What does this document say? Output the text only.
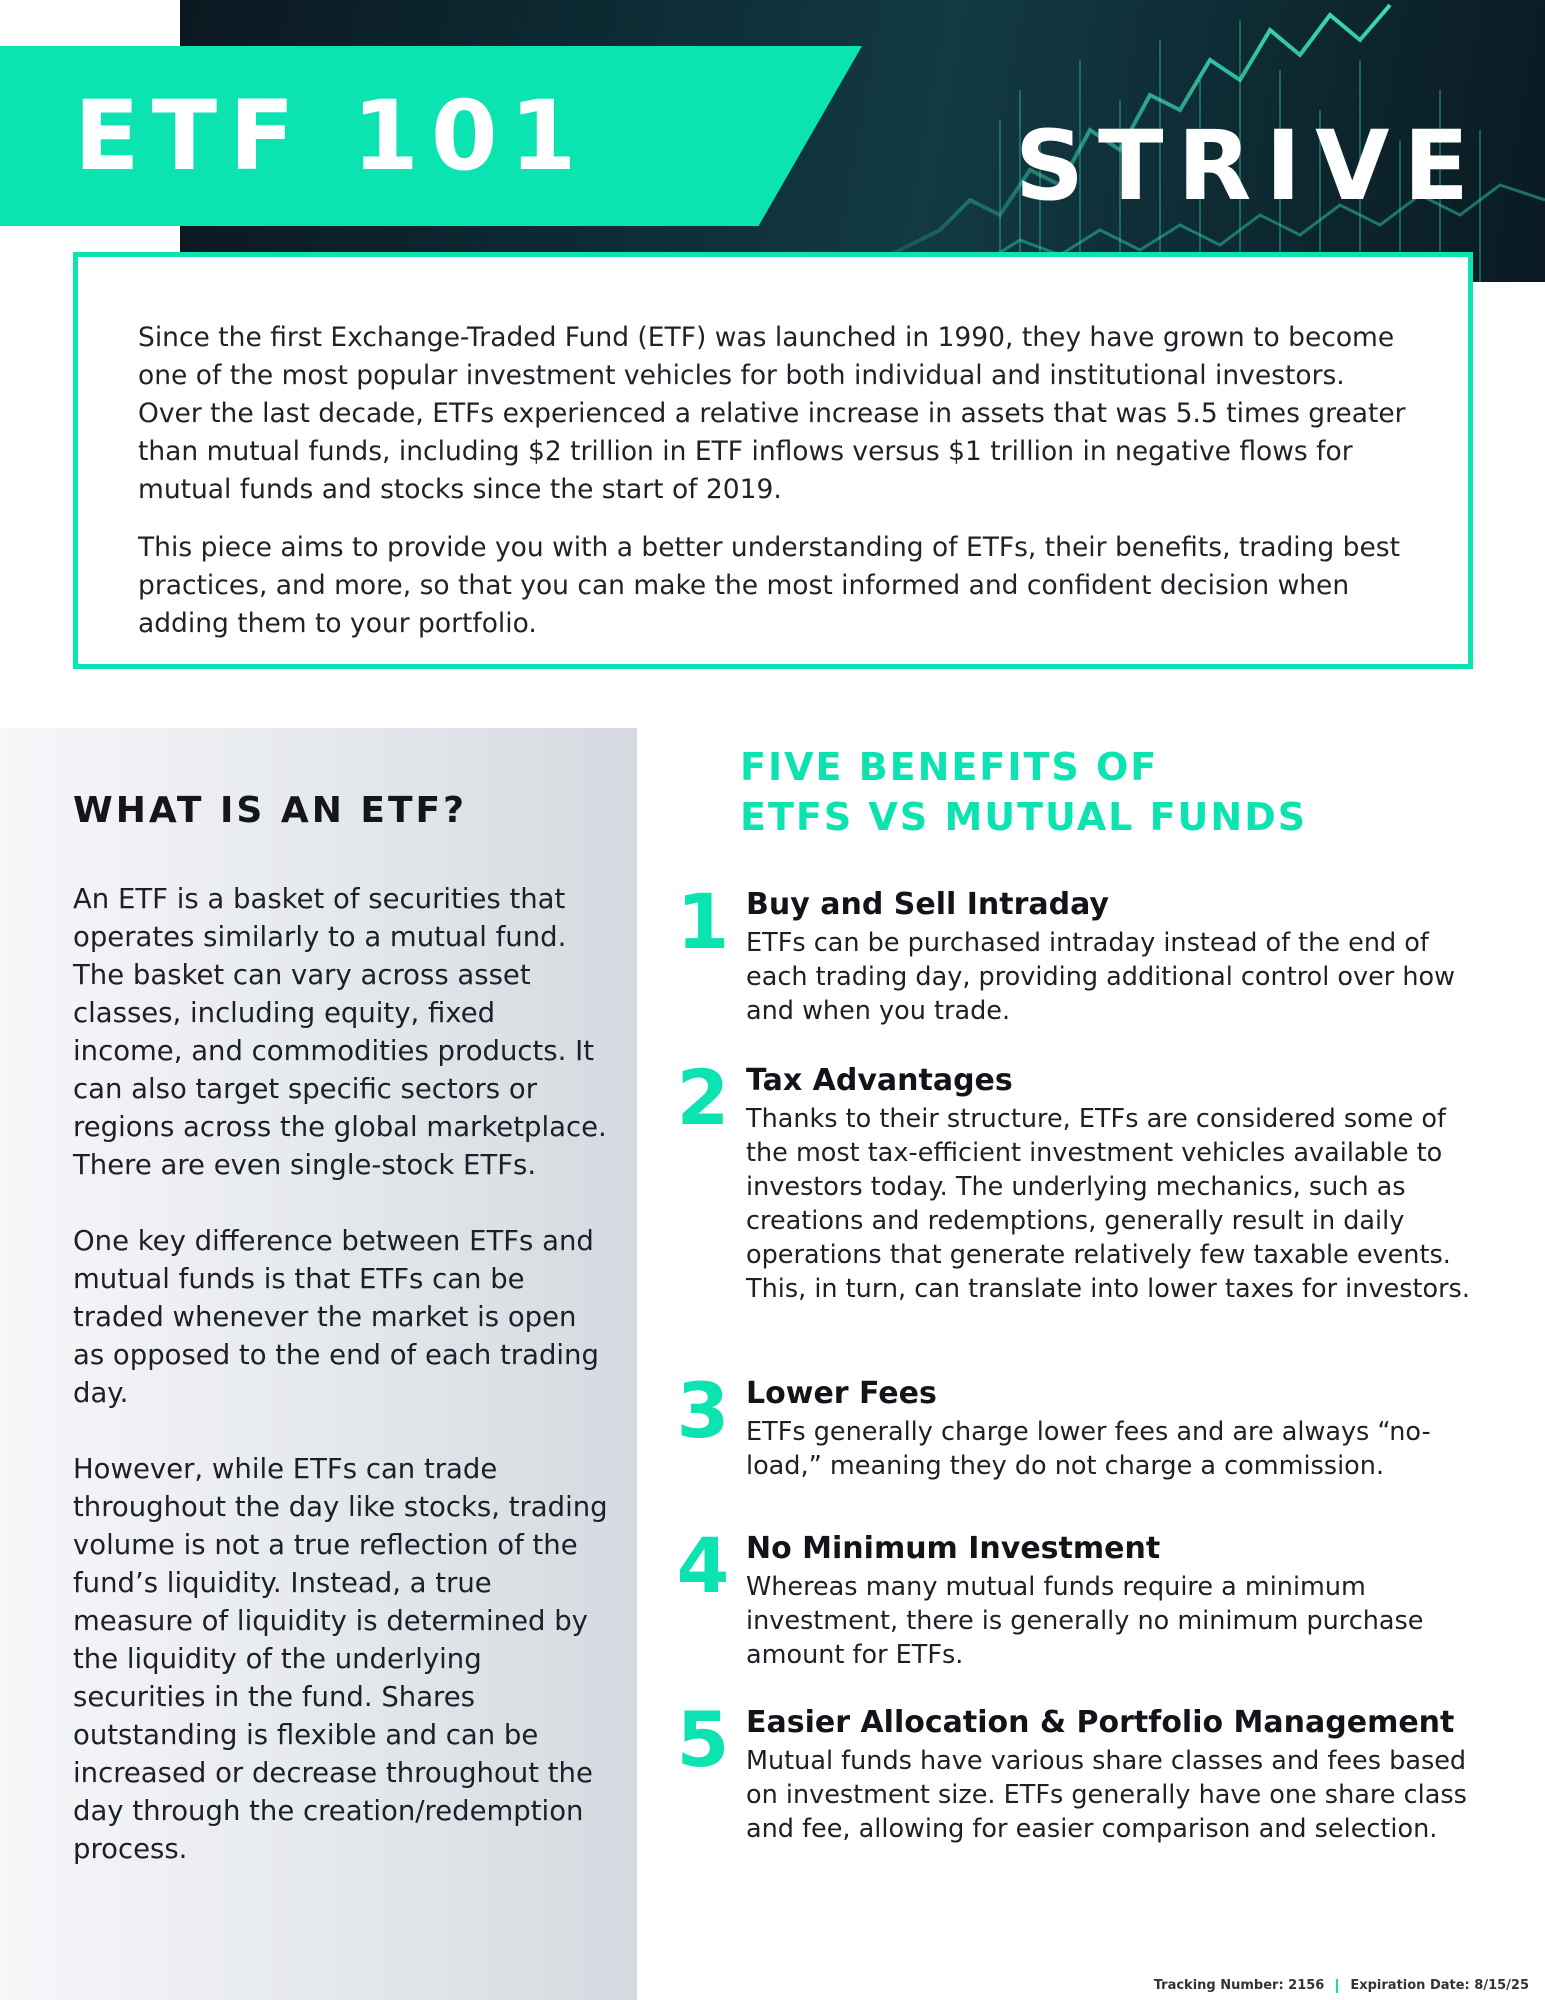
ETF 101	STRIVE

Since the first Exchange-Traded Fund (ETF) was launched in 1990, they have grown to become one of the most popular investment vehicles for both individual and institutional investors. Over the last decade, ETFs experienced a relative increase in assets that was 5.5 times greater than mutual funds, including $2 trillion in ETF inflows versus $1 trillion in negative flows for mutual funds and stocks since the start of 2019.

This piece aims to provide you with a better understanding of ETFs, their benefits, trading best practices, and more, so that you can make the most informed and confident decision when adding them to your portfolio.

WHAT IS AN ETF?

An ETF is a basket of securities that operates similarly to a mutual fund. The basket can vary across asset classes, including equity, fixed income, and commodities products. It can also target specific sectors or regions across the global marketplace. There are even single-stock ETFs.

One key difference between ETFs and mutual funds is that ETFs can be traded whenever the market is open as opposed to the end of each trading day.

However, while ETFs can trade throughout the day like stocks, trading volume is not a true reflection of the fund’s liquidity. Instead, a true measure of liquidity is determined by the liquidity of the underlying securities in the fund. Shares outstanding is flexible and can be increased or decrease throughout the day through the creation/redemption process.

FIVE BENEFITS OF
ETFS VS MUTUAL FUNDS
1 Buy and Sell Intraday

ETFs can be purchased intraday instead of the end of each trading day, providing additional control over how and when you trade.

2 Tax Advantages

Thanks to their structure, ETFs are considered some of the most tax-efficient investment vehicles available to investors today. The underlying mechanics, such as creations and redemptions, generally result in daily operations that generate relatively few taxable events. This, in turn, can translate into lower taxes for investors.

3 Lower Fees

ETFs generally charge lower fees and are always “no-load,” meaning they do not charge a commission.

4 No Minimum Investment

Whereas many mutual funds require a minimum investment, there is generally no minimum purchase amount for ETFs.

5 Easier Allocation & Portfolio Management

Mutual funds have various share classes and fees based on investment size. ETFs generally have one share class and fee, allowing for easier comparison and selection.

Tracking Number: 2156 Expiration Date: 8/15/25
